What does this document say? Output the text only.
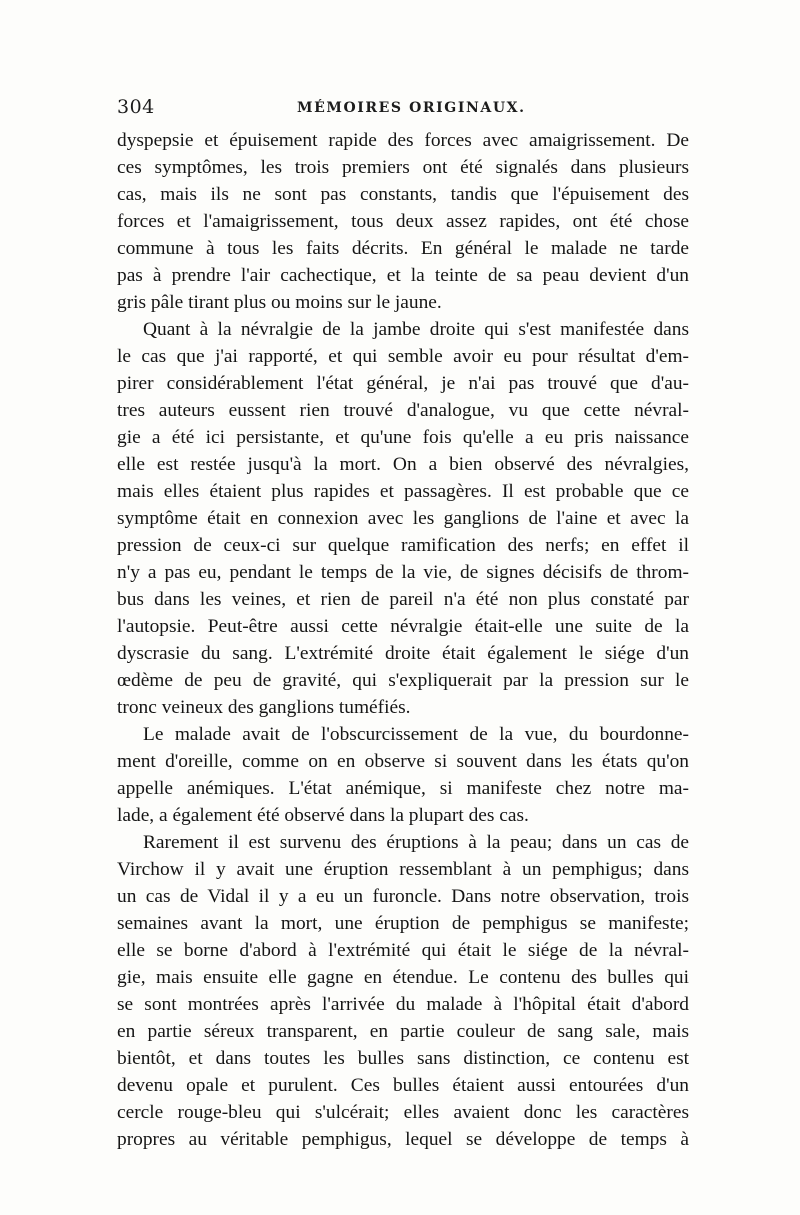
304	MÉMOIRES ORIGINAUX.
dyspepsie et épuisement rapide des forces avec amaigrissement. De
ces symptômes, les trois premiers ont été signalés dans plusieurs
cas, mais ils ne sont pas constants, tandis que l'épuisement des
forces et l'amaigrissement, tous deux assez rapides, ont été chose
commune à tous les faits décrits. En général le malade ne tarde
pas à prendre l'air cachectique, et la teinte de sa peau devient d'un
gris pâle tirant plus ou moins sur le jaune.
Quant à la névralgie de la jambe droite qui s'est manifestée dans
le cas que j'ai rapporté, et qui semble avoir eu pour résultat d'em-
pirer considérablement l'état général, je n'ai pas trouvé que d'au-
tres auteurs eussent rien trouvé d'analogue, vu que cette névral-
gie a été ici persistante, et qu'une fois qu'elle a eu pris naissance
elle est restée jusqu'à la mort. On a bien observé des névralgies,
mais elles étaient plus rapides et passagères. Il est probable que ce
symptôme était en connexion avec les ganglions de l'aine et avec la
pression de ceux-ci sur quelque ramification des nerfs; en effet il
n'y a pas eu, pendant le temps de la vie, de signes décisifs de throm-
bus dans les veines, et rien de pareil n'a été non plus constaté par
l'autopsie. Peut-être aussi cette névralgie était-elle une suite de la
dyscrasie du sang. L'extrémité droite était également le siége d'un
œdème de peu de gravité, qui s'expliquerait par la pression sur le
tronc veineux des ganglions tuméfiés.
Le malade avait de l'obscurcissement de la vue, du bourdonne-
ment d'oreille, comme on en observe si souvent dans les états qu'on
appelle anémiques. L'état anémique, si manifeste chez notre ma-
lade, a également été observé dans la plupart des cas.
Rarement il est survenu des éruptions à la peau; dans un cas de
Virchow il y avait une éruption ressemblant à un pemphigus; dans
un cas de Vidal il y a eu un furoncle. Dans notre observation, trois
semaines avant la mort, une éruption de pemphigus se manifeste;
elle se borne d'abord à l'extrémité qui était le siége de la névral-
gie, mais ensuite elle gagne en étendue. Le contenu des bulles qui
se sont montrées après l'arrivée du malade à l'hôpital était d'abord
en partie séreux transparent, en partie couleur de sang sale, mais
bientôt, et dans toutes les bulles sans distinction, ce contenu est
devenu opale et purulent. Ces bulles étaient aussi entourées d'un
cercle rouge-bleu qui s'ulcérait; elles avaient donc les caractères
propres au véritable pemphigus, lequel se développe de temps à
